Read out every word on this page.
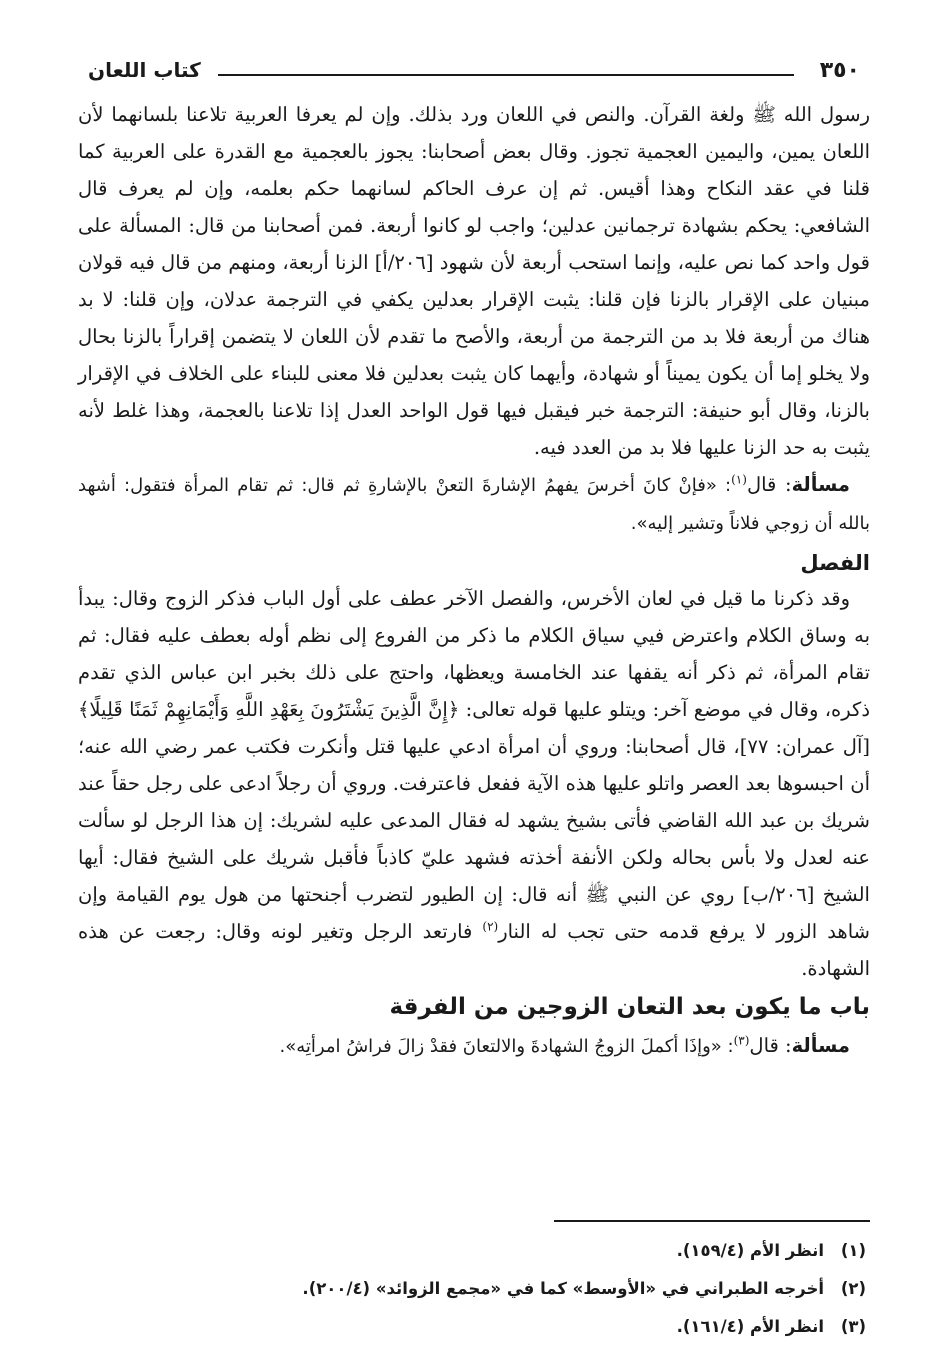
٣٥٠
كتاب اللعان

رسول الله ﷺ ولغة القرآن. والنص في اللعان ورد بذلك. وإن لم يعرفا العربية تلاعنا بلسانهما لأن اللعان يمين، واليمين العجمية تجوز. وقال بعض أصحابنا: يجوز بالعجمية مع القدرة على العربية كما قلنا في عقد النكاح وهذا أقيس. ثم إن عرف الحاكم لسانهما حكم بعلمه، وإن لم يعرف قال الشافعي: يحكم بشهادة ترجمانين عدلين؛ واجب لو كانوا أربعة. فمن أصحابنا من قال: المسألة على قول واحد كما نص عليه، وإنما استحب أربعة لأن شهود [٢٠٦/أ] الزنا أربعة، ومنهم من قال فيه قولان مبنيان على الإقرار بالزنا فإن قلنا: يثبت الإقرار بعدلين يكفي في الترجمة عدلان، وإن قلنا: لا بد هناك من أربعة فلا بد من الترجمة من أربعة، والأصح ما تقدم لأن اللعان لا يتضمن إقراراً بالزنا بحال ولا يخلو إما أن يكون يميناً أو شهادة، وأيهما كان يثبت بعدلين فلا معنى للبناء على الخلاف في الإقرار بالزنا، وقال أبو حنيفة: الترجمة خبر فيقبل فيها قول الواحد العدل إذا تلاعنا بالعجمة، وهذا غلط لأنه يثبت به حد الزنا عليها فلا بد من العدد فيه.

مسألة: قال$^{(١)}$: «فإنْ كانَ أخرسَ يفهمُ الإشارةَ التعنْ بالإشارةِ ثم قال: ثم تقام المرأة فتقول: أشهد بالله أن زوجي فلاناً وتشير إليه».

الفصل

وقد ذكرنا ما قيل في لعان الأخرس، والفصل الآخر عطف على أول الباب فذكر الزوج وقال: يبدأ به وساق الكلام واعترض فيي سياق الكلام ما ذكر من الفروع إلى نظم أوله بعطف عليه فقال: ثم تقام المرأة، ثم ذكر أنه يقفها عند الخامسة ويعظها، واحتج على ذلك بخبر ابن عباس الذي تقدم ذكره، وقال في موضع آخر: ويتلو عليها قوله تعالى: ﴿إِنَّ الَّذِينَ يَشْتَرُونَ بِعَهْدِ اللَّهِ وَأَيْمَانِهِمْ ثَمَنًا قَلِيلًا﴾ [آل عمران: ٧٧]، قال أصحابنا: وروي أن امرأة ادعي عليها قتل وأنكرت فكتب عمر رضي الله عنه؛ أن احبسوها بعد العصر واتلو عليها هذه الآية ففعل فاعترفت. وروي أن رجلاً ادعى على رجل حقاً عند شريك بن عبد الله القاضي فأتى بشيخ يشهد له فقال المدعى عليه لشريك: إن هذا الرجل لو سألت عنه لعدل ولا بأس بحاله ولكن الأنفة أخذته فشهد عليّ كاذباً فأقبل شريك على الشيخ فقال: أيها الشيخ [٢٠٦/ب] روي عن النبي ﷺ أنه قال: إن الطيور لتضرب أجنحتها من هول يوم القيامة وإن شاهد الزور لا يرفع قدمه حتى تجب له النار$^{(٢)}$ فارتعد الرجل وتغير لونه وقال: رجعت عن هذه الشهادة.

باب ما يكون بعد التعان الزوجين من الفرقة

مسألة: قال$^{(٣)}$: «وإذَا أكملَ الزوجُ الشهادةَ والالتعانَ فقدْ زالَ فراشُ امرأتِه».

(١)
انظر الأم (١٥٩/٤).
(٢)
أخرجه الطبراني في «الأوسط» كما في «مجمع الزوائد» (٢٠٠/٤).
(٣)
انظر الأم (١٦١/٤).
